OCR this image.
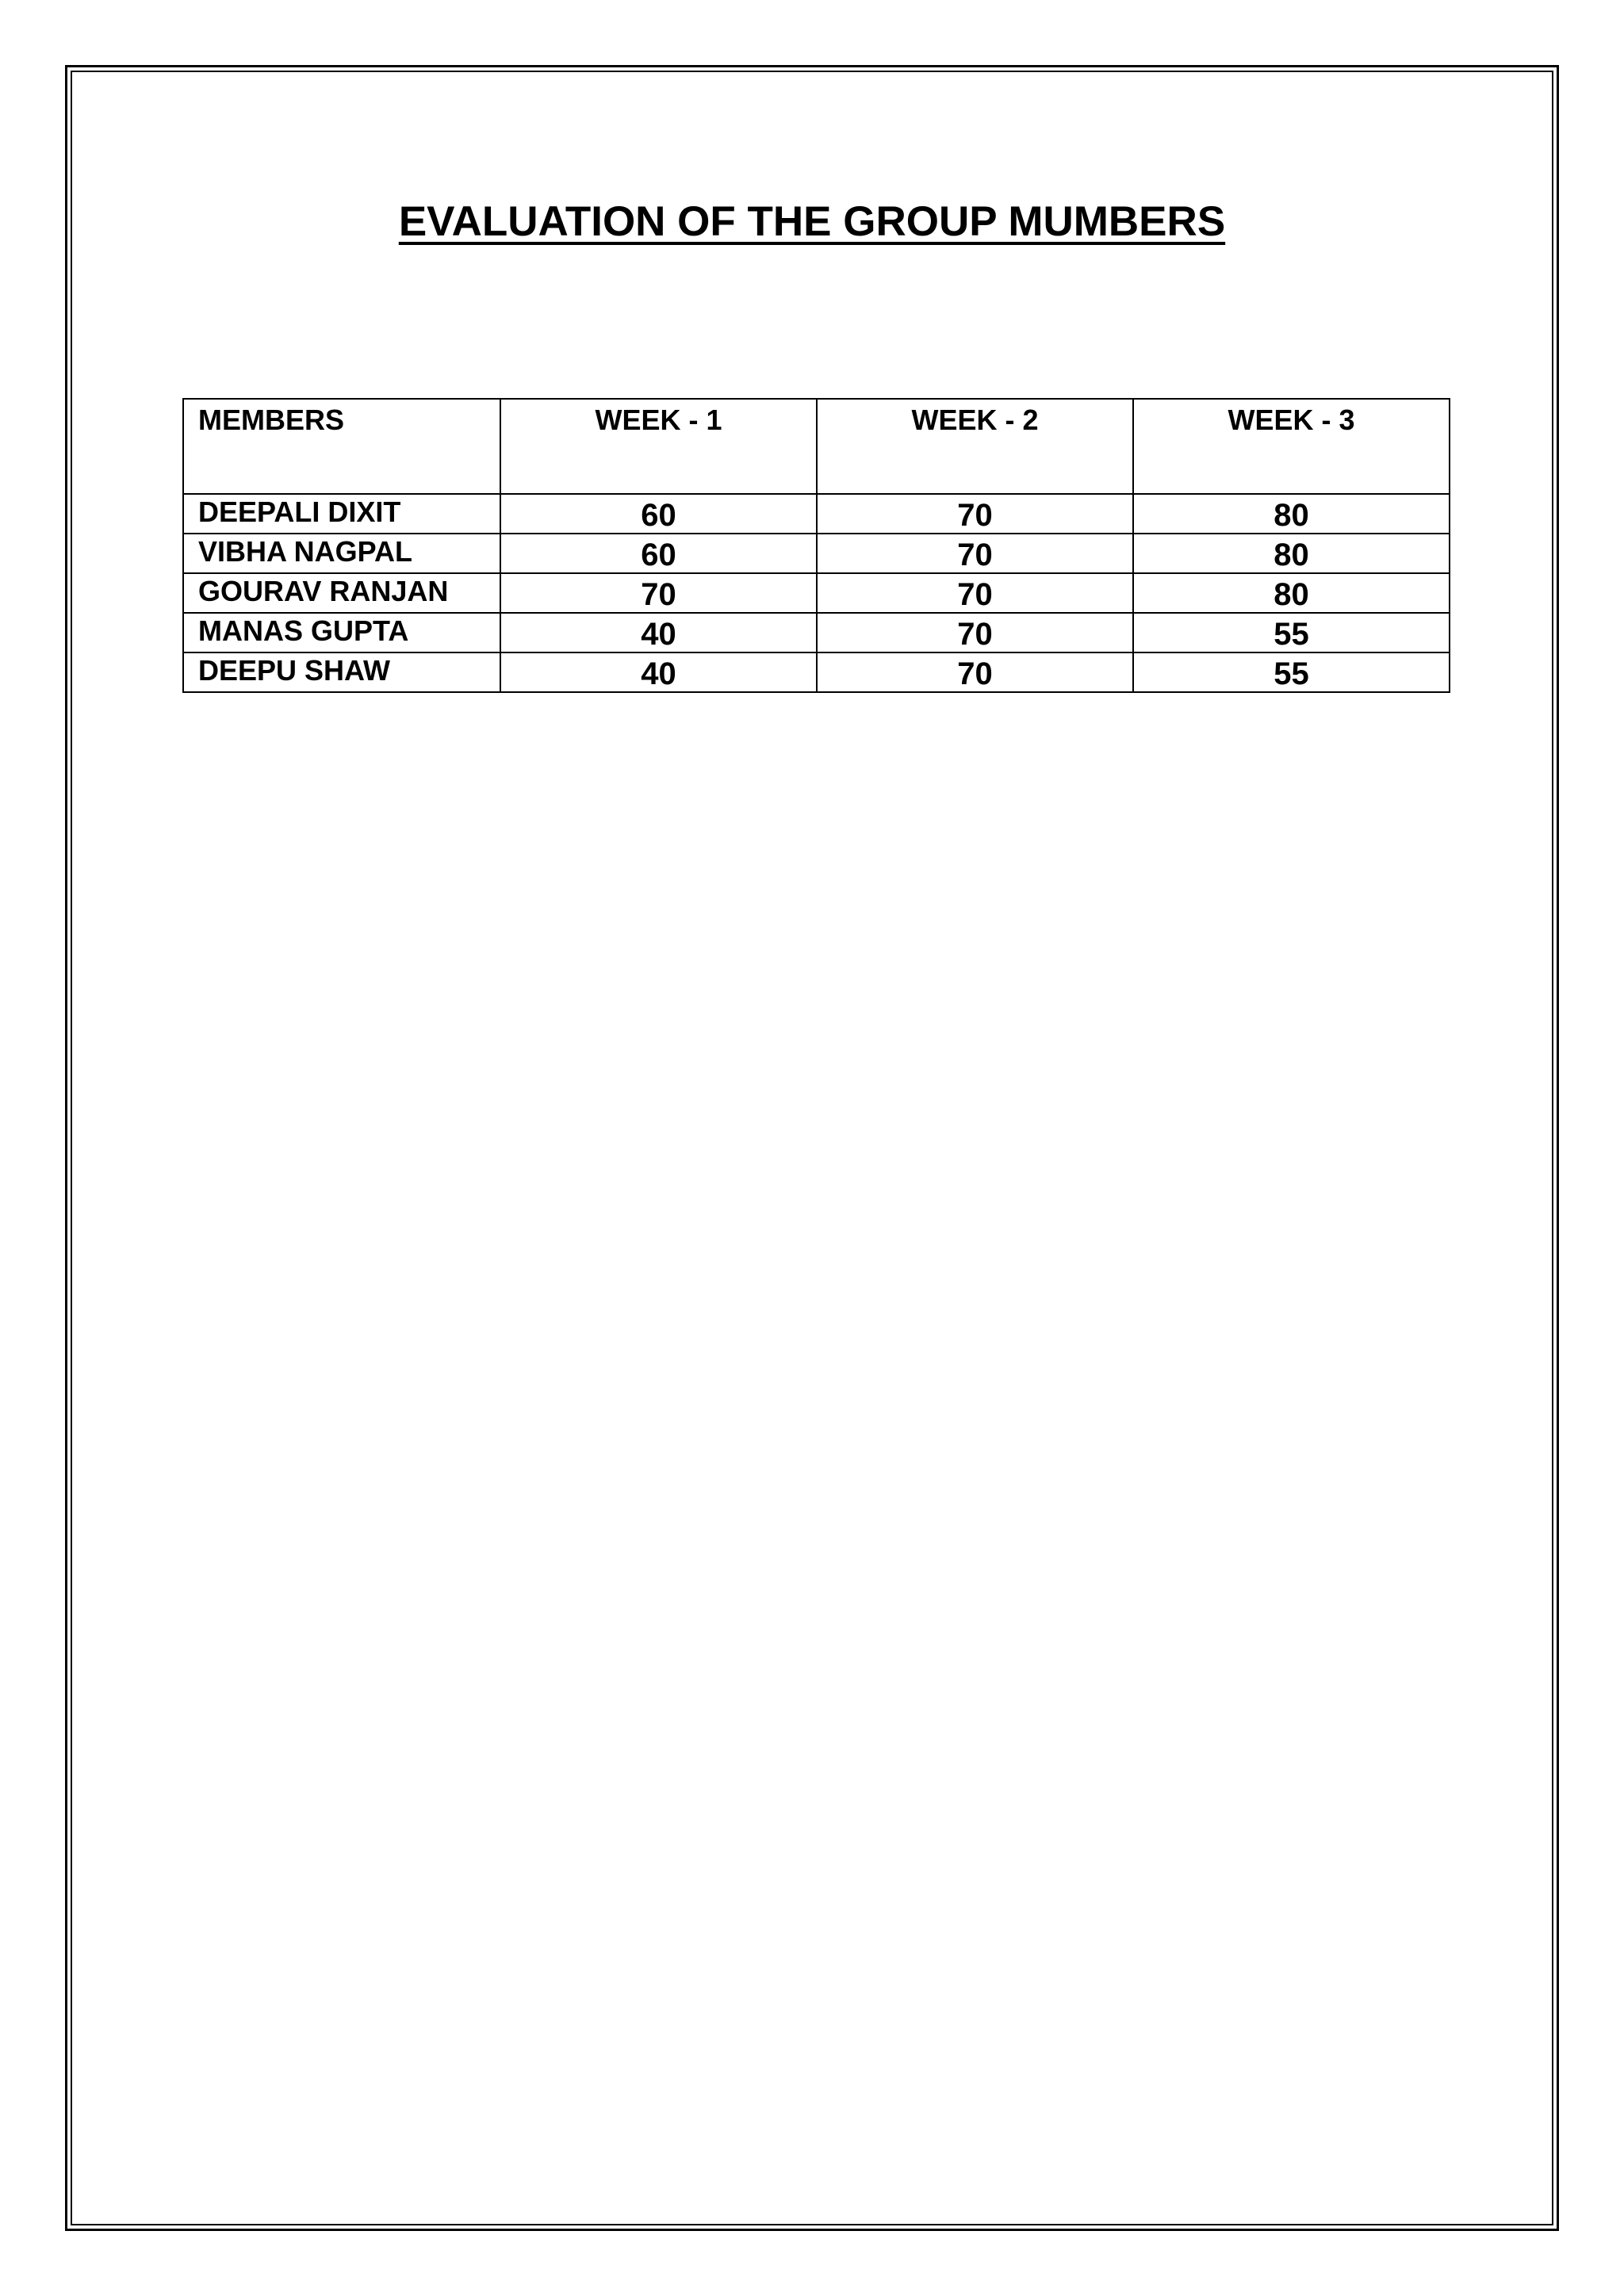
EVALUATION OF THE GROUP MUMBERS
MEMBERS	WEEK - 1	WEEK - 2	WEEK - 3
DEEPALI DIXIT	60	70	80
VIBHA NAGPAL	60	70	80
GOURAV RANJAN	70	70	80
MANAS GUPTA	40	70	55
DEEPU SHAW	40	70	55
